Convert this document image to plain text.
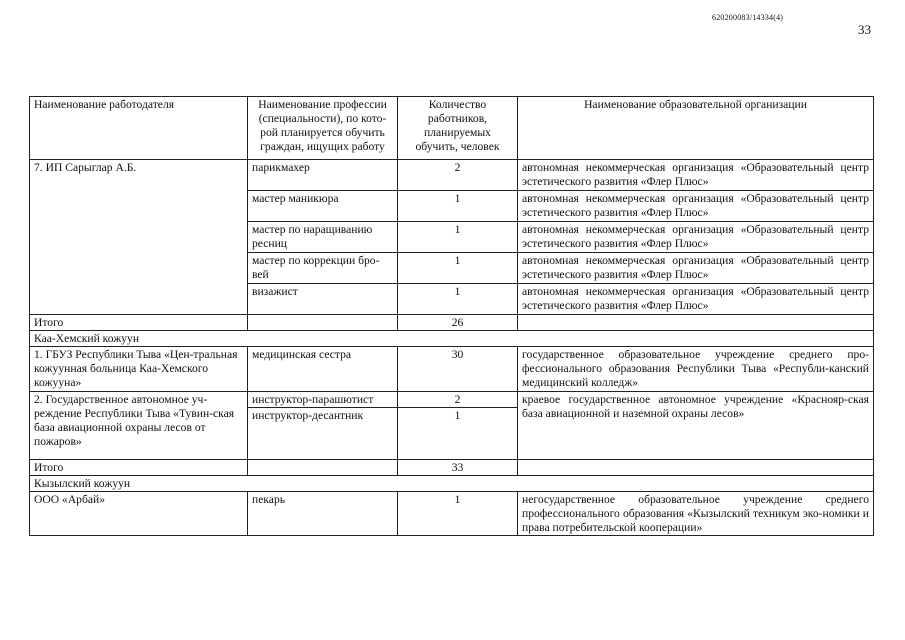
620200083/14334(4)
33
Наименование работодателя	Наименование профессии (специальности), по кото-рой планируется обучить граждан, ищущих работу	Количество работников, планируемых обучить, человек	Наименование образовательной организации
7. ИП Сарыглар А.Б.	парикмахер	2	автономная некоммерческая организация «Образовательный центр эстетического развития «Флер Плюс»
	мастер маникюра	1	автономная некоммерческая организация «Образовательный центр эстетического развития «Флер Плюс»
	мастер по наращиванию ресниц	1	автономная некоммерческая организация «Образовательный центр эстетического развития «Флер Плюс»
	мастер по коррекции бро-вей	1	автономная некоммерческая организация «Образовательный центр эстетического развития «Флер Плюс»
	визажист	1	автономная некоммерческая организация «Образовательный центр эстетического развития «Флер Плюс»
Итого		26	
Каа-Хемский кожуун			
1. ГБУЗ Республики Тыва «Цен-тральная кожуунная больница Каа-Хемского кожууна»	медицинская сестра	30	государственное образовательное учреждение среднего про-фессионального образования Республики Тыва «Республи-канский медицинский колледж»
2. Государственное автономное уч-реждение Республики Тыва «Тувин-ская база авиационной охраны лесов от пожаров»	инструктор-парашютист	2	краевое государственное автономное учреждение «Краснояр-ская база авиационной и наземной охраны лесов»
	инструктор-десантник	1	
Итого		33	
Кызылский кожуун			
ООО «Арбай»	пекарь	1	негосударственное образовательное учреждение среднего профессионального образования «Кызылский техникум эко-номики и права потребительской кооперации»
